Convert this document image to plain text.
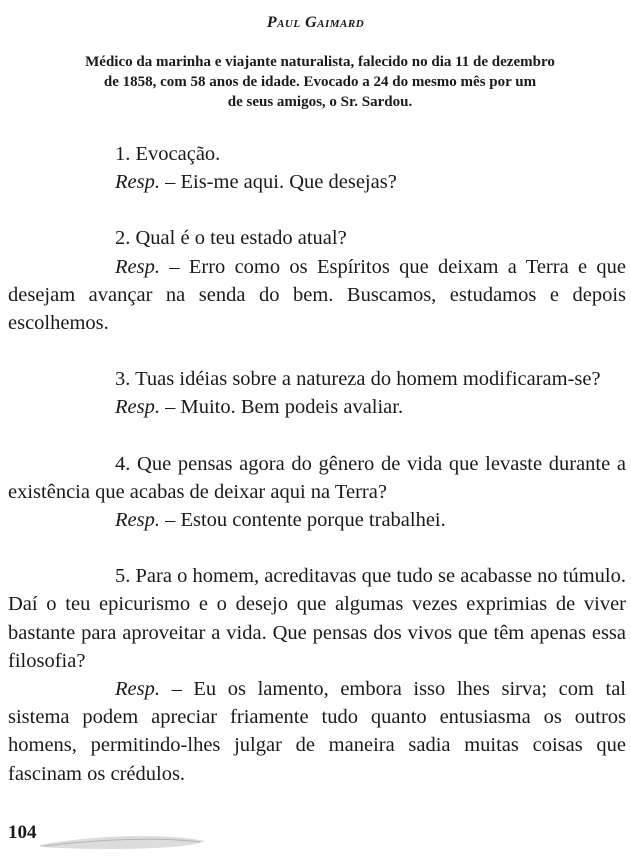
Paul Gaimard
Médico da marinha e viajante naturalista, falecido no dia 11 de dezembro
de 1858, com 58 anos de idade. Evocado a 24 do mesmo mês por um
de seus amigos, o Sr. Sardou.

1. Evocação.

Resp. – Eis-me aqui. Que desejas?

2. Qual é o teu estado atual?

Resp. – Erro como os Espíritos que deixam a Terra e que desejam avançar na senda do bem. Buscamos, estudamos e depois escolhemos.

3. Tuas idéias sobre a natureza do homem modificaram-se?

Resp. – Muito. Bem podeis avaliar.

4. Que pensas agora do gênero de vida que levaste durante a existência que acabas de deixar aqui na Terra?

Resp. – Estou contente porque trabalhei.

5. Para o homem, acreditavas que tudo se acabasse no túmulo. Daí o teu epicurismo e o desejo que algumas vezes exprimias de viver bastante para aproveitar a vida. Que pensas dos vivos que têm apenas essa filosofia?

Resp. – Eu os lamento, embora isso lhes sirva; com tal sistema podem apreciar friamente tudo quanto entusiasma os outros homens, permitindo-lhes julgar de maneira sadia muitas coisas que fascinam os crédulos.

104
